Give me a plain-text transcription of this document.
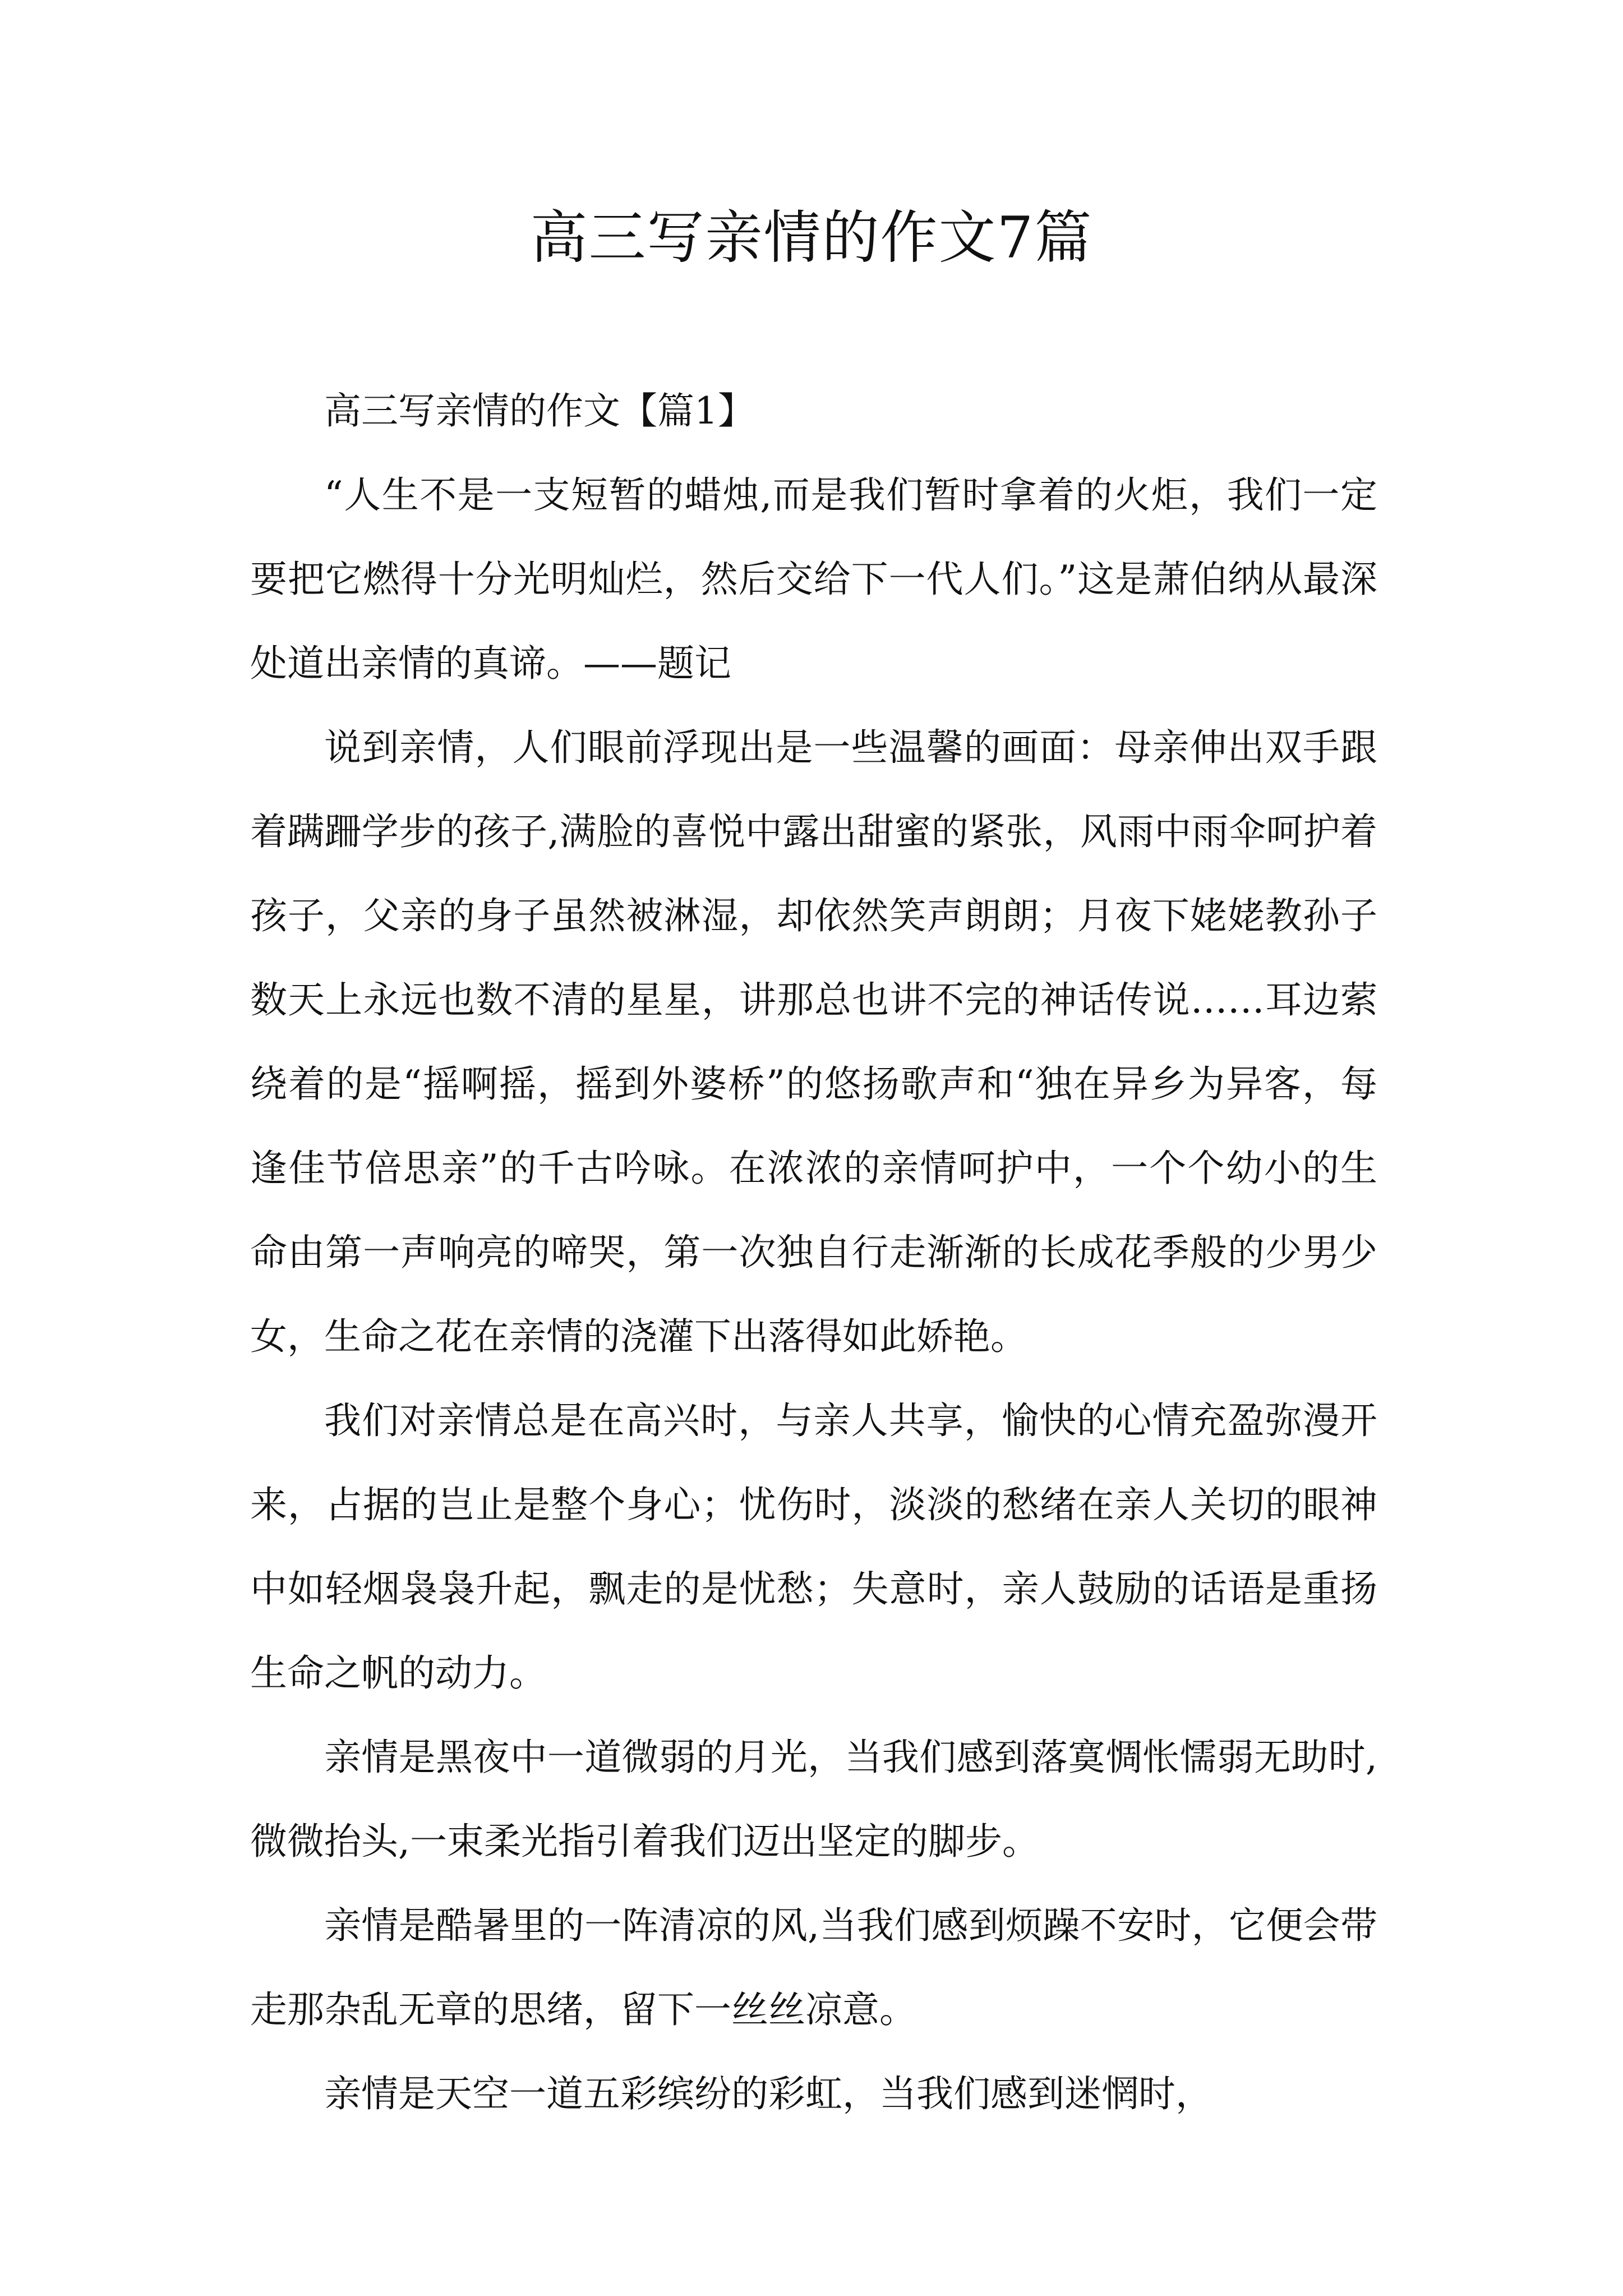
高三写亲情的作文7篇

高三写亲情的作文【篇1】

“人生不是一支短暂的蜡烛,而是我们暂时拿着的火炬，我们一定要把它燃得十分光明灿烂，然后交给下一代人们。”这是萧伯纳从最深处道出亲情的真谛。——题记

说到亲情，人们眼前浮现出是一些温馨的画面：母亲伸出双手跟着蹒跚学步的孩子,满脸的喜悦中露出甜蜜的紧张，风雨中雨伞呵护着孩子，父亲的身子虽然被淋湿，却依然笑声朗朗；月夜下姥姥教孙子数天上永远也数不清的星星，讲那总也讲不完的神话传说……耳边萦绕着的是“摇啊摇，摇到外婆桥”的悠扬歌声和“独在异乡为异客，每逢佳节倍思亲”的千古吟咏。在浓浓的亲情呵护中，一个个幼小的生命由第一声响亮的啼哭，第一次独自行走渐渐的长成花季般的少男少女，生命之花在亲情的浇灌下出落得如此娇艳。

我们对亲情总是在高兴时，与亲人共享，愉快的心情充盈弥漫开来，占据的岂止是整个身心；忧伤时，淡淡的愁绪在亲人关切的眼神中如轻烟袅袅升起，飘走的是忧愁；失意时，亲人鼓励的话语是重扬生命之帆的动力。

亲情是黑夜中一道微弱的月光，当我们感到落寞惆怅懦弱无助时,微微抬头,一束柔光指引着我们迈出坚定的脚步。

亲情是酷暑里的一阵清凉的风,当我们感到烦躁不安时，它便会带走那杂乱无章的思绪，留下一丝丝凉意。

亲情是天空一道五彩缤纷的彩虹，当我们感到迷惘时，
